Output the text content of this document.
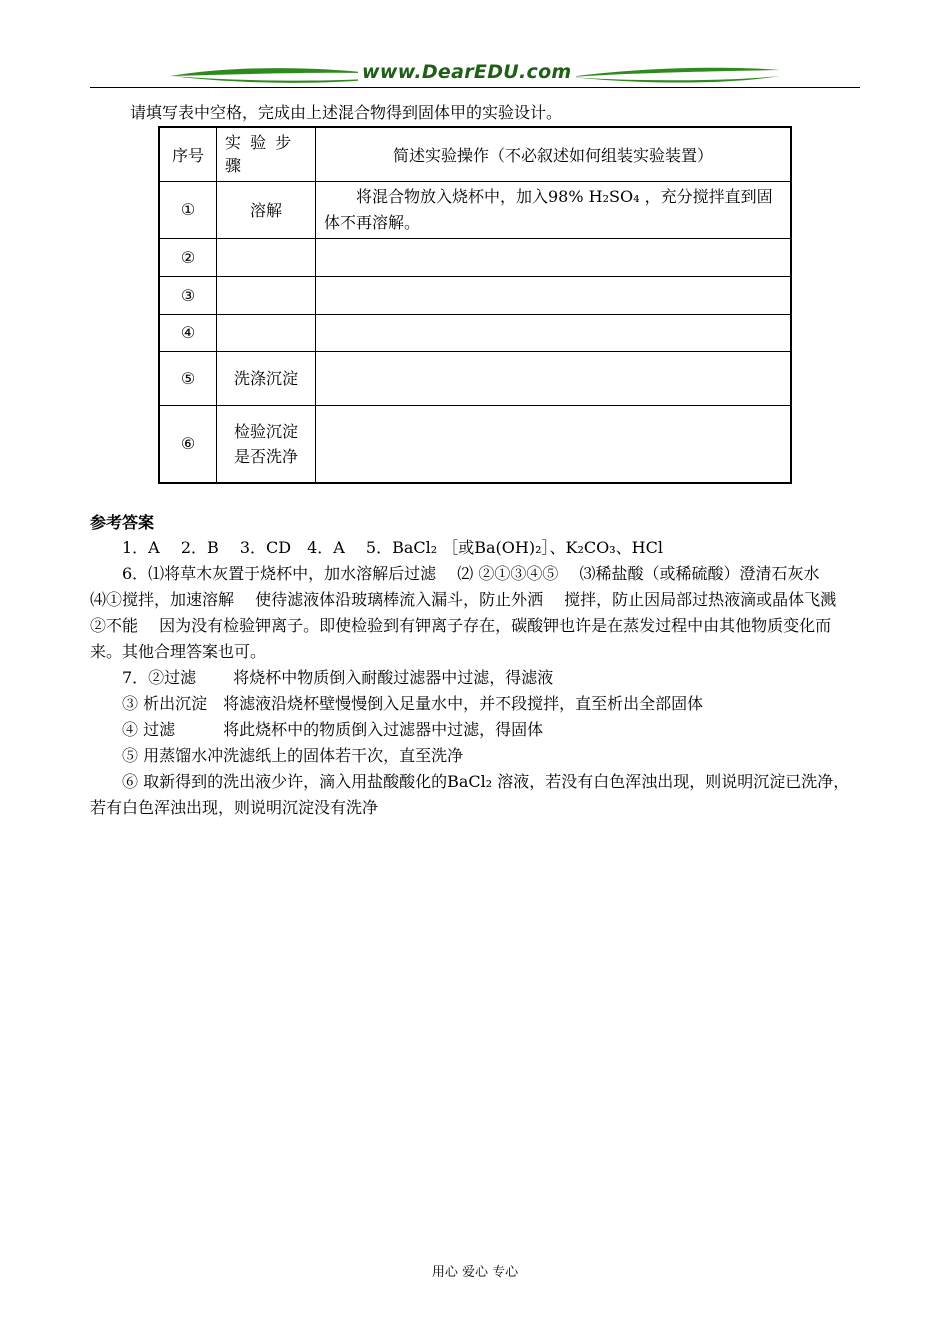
www.DearEDU.com
请填写表中空格，完成由上述混合物得到固体甲的实验设计。
序号	实 验 步 骤	简述实验操作（不必叙述如何组装实验装置）
①	溶解	将混合物放入烧杯中，加入98% H₂SO₄ ，充分搅拌直到固体不再溶解。
②		
③		
④		
⑤	洗涤沉淀	
⑥	检验沉淀是否洗净	
参考答案

1．A　 2．B　 3．CD　4．A　 5．BaCl₂ ［或Ba(OH)₂］、K₂CO₃、HCl

6．⑴将草木灰置于烧杯中，加水溶解后过滤　 ⑵ ②①③④⑤　 ⑶稀盐酸（或稀硫酸）澄清石灰水　 ⑷①搅拌，加速溶解　 使待滤液体沿玻璃棒流入漏斗，防止外洒　 搅拌，防止因局部过热液滴或晶体飞溅　②不能　 因为没有检验钾离子。即使检验到有钾离子存在，碳酸钾也许是在蒸发过程中由其他物质变化而来。其他合理答案也可。

7．②过滤　　 将烧杯中物质倒入耐酸过滤器中过滤，得滤液

③ 析出沉淀　将滤液沿烧杯壁慢慢倒入足量水中，并不段搅拌，直至析出全部固体

④ 过滤　　　将此烧杯中的物质倒入过滤器中过滤，得固体

⑤ 用蒸馏水冲洗滤纸上的固体若干次，直至洗净

⑥ 取新得到的洗出液少许，滴入用盐酸酸化的BaCl₂ 溶液，若没有白色浑浊出现，则说明沉淀已洗净，若有白色浑浊出现，则说明沉淀没有洗净

用心 爱心 专心
